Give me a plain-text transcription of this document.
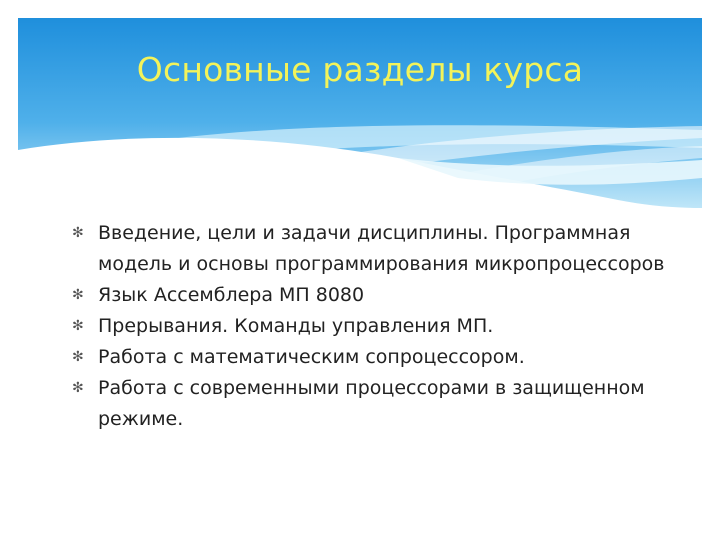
Основные разделы курса
✻ Введение, цели и задачи дисциплины. Программная модель и основы программирования микропроцессоров
✻ Язык Ассемблера МП 8080
✻ Прерывания. Команды управления МП.
✻ Работа с математическим сопроцессором.
✻ Работа с современными процессорами в защищенном режиме.
